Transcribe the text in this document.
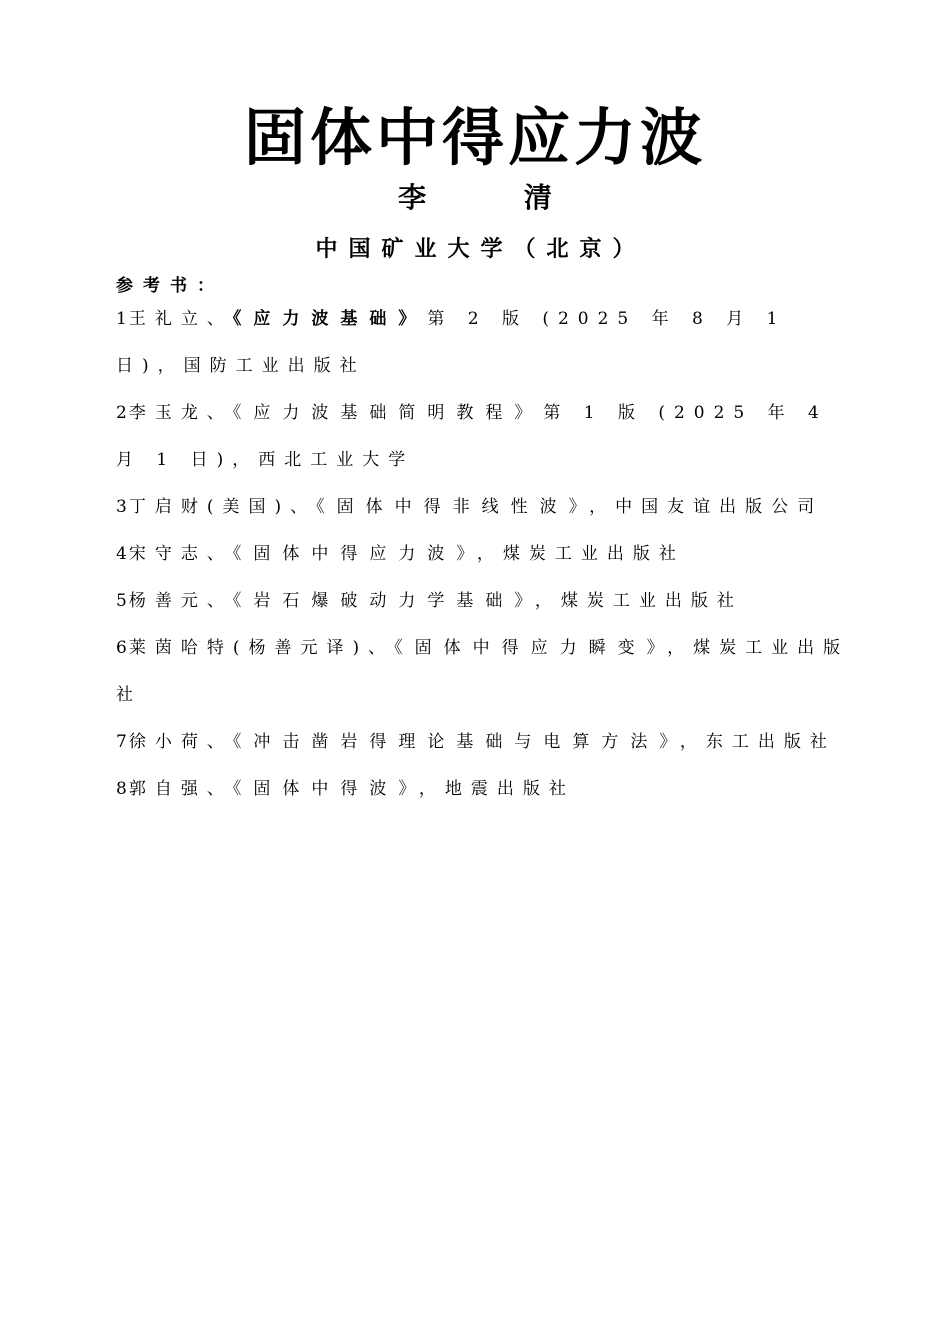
固体中得应力波
李 清
中国矿业大学（北京）
参考书：
1王礼立、《应力波基础》第 2 版 (2025 年 8 月 1 日)，国防工业出版社
2李玉龙、《应力波基础简明教程》第 1 版 (2025 年 4 月 1 日)，西北工业大学
3丁启财(美国)、《固体中得非线性波》，中国友谊出版公司
4宋守志、《固体中得应力波》，煤炭工业出版社
5杨善元、《岩石爆破动力学基础》，煤炭工业出版社
6莱茵哈特(杨善元译)、《固体中得应力瞬变》，煤炭工业出版社
7徐小荷、《冲击凿岩得理论基础与电算方法》，东工出版社
8郭自强、《固体中得波》，地震出版社
